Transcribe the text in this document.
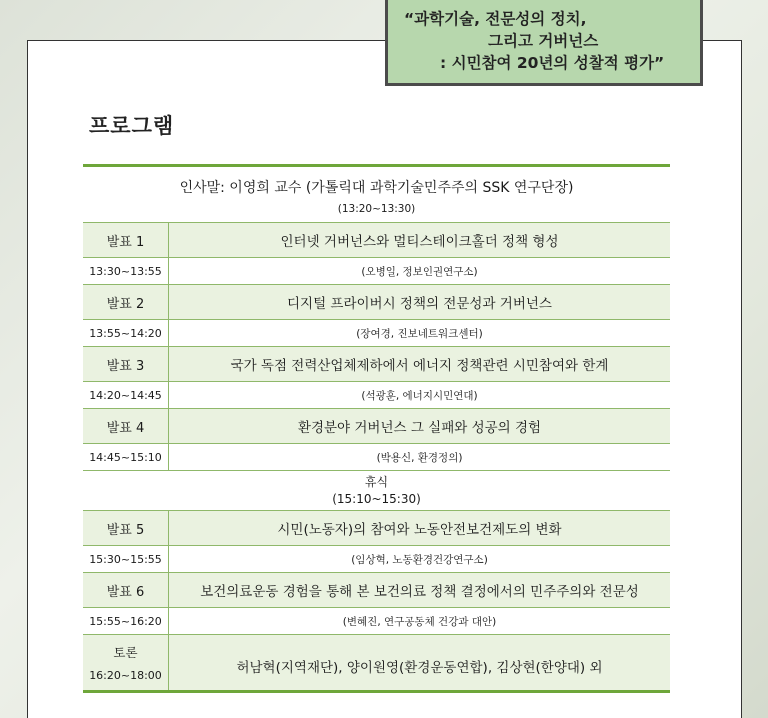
“과학기술, 전문성의 정치,
그리고 거버넌스
: 시민참여 20년의 성찰적 평가”
프로그램
인사말: 이영희 교수 (가톨릭대 과학기술민주주의 SSK 연구단장)
(13:20~13:30)
발표 1	인터넷 거버넌스와 멀티스테이크홀더 정책 형성
13:30~13:55	(오병일, 정보인권연구소)
발표 2	디지털 프라이버시 정책의 전문성과 거버넌스
13:55~14:20	(장여경, 진보네트워크센터)
발표 3	국가 독점 전력산업체제하에서 에너지 정책관련 시민참여와 한계
14:20~14:45	(석광훈, 에너지시민연대)
발표 4	환경분야 거버넌스 그 실패와 성공의 경험
14:45~15:10	(박용신, 환경정의)
휴식
(15:10~15:30)
발표 5	시민(노동자)의 참여와 노동안전보건제도의 변화
15:30~15:55	(임상혁, 노동환경건강연구소)
발표 6	보건의료운동 경험을 통해 본 보건의료 정책 결정에서의 민주주의와 전문성
15:55~16:20	(변혜진, 연구공동체 건강과 대안)
토론
16:20~18:00	허남혁(지역재단), 양이원영(환경운동연합), 김상현(한양대) 외
